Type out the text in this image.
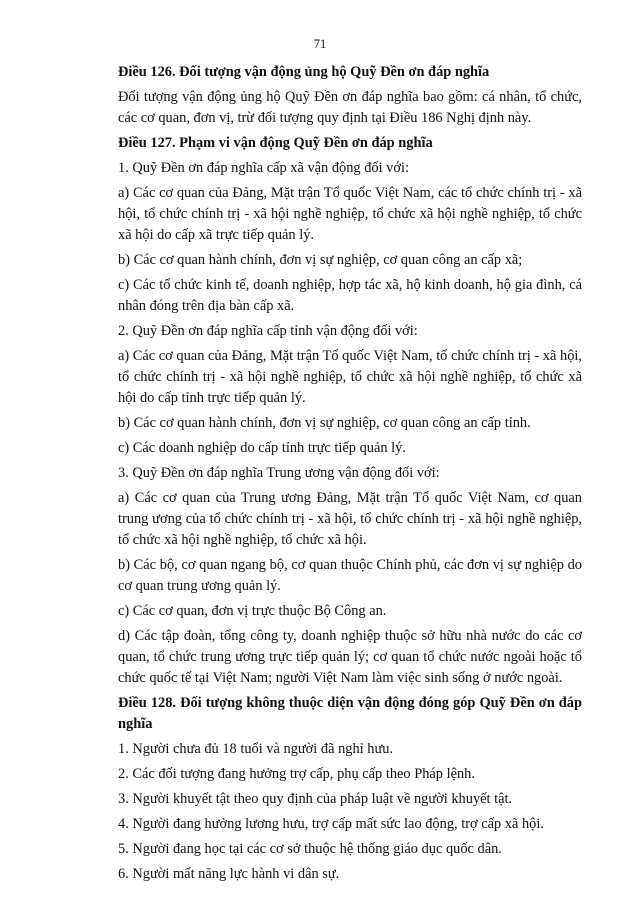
71

Điều 126. Đối tượng vận động ủng hộ Quỹ Đền ơn đáp nghĩa

Đối tượng vận động ủng hộ Quỹ Đền ơn đáp nghĩa bao gồm: cá nhân, tổ chức, các cơ quan, đơn vị, trừ đối tượng quy định tại Điều 186 Nghị định này.

Điều 127. Phạm vi vận động Quỹ Đền ơn đáp nghĩa

1. Quỹ Đền ơn đáp nghĩa cấp xã vận động đối với:

a) Các cơ quan của Đảng, Mặt trận Tổ quốc Việt Nam, các tổ chức chính trị - xã hội, tổ chức chính trị - xã hội nghề nghiệp, tổ chức xã hội nghề nghiệp, tổ chức xã hội do cấp xã trực tiếp quản lý.

b) Các cơ quan hành chính, đơn vị sự nghiệp, cơ quan công an cấp xã;

c) Các tổ chức kinh tế, doanh nghiệp, hợp tác xã, hộ kinh doanh, hộ gia đình, cá nhân đóng trên địa bàn cấp xã.

2. Quỹ Đền ơn đáp nghĩa cấp tỉnh vận động đối với:

a) Các cơ quan của Đảng, Mặt trận Tổ quốc Việt Nam, tổ chức chính trị - xã hội, tổ chức chính trị - xã hội nghề nghiệp, tổ chức xã hội nghề nghiệp, tổ chức xã hội do cấp tỉnh trực tiếp quản lý.

b) Các cơ quan hành chính, đơn vị sự nghiệp, cơ quan công an cấp tỉnh.

c) Các doanh nghiệp do cấp tỉnh trực tiếp quản lý.

3. Quỹ Đền ơn đáp nghĩa Trung ương vận động đối với:

a) Các cơ quan của Trung ương Đảng, Mặt trận Tổ quốc Việt Nam, cơ quan trung ương của tổ chức chính trị - xã hội, tổ chức chính trị - xã hội nghề nghiệp, tổ chức xã hội nghề nghiệp, tổ chức xã hội.

b) Các bộ, cơ quan ngang bộ, cơ quan thuộc Chính phủ, các đơn vị sự nghiệp do cơ quan trung ương quản lý.

c) Các cơ quan, đơn vị trực thuộc Bộ Công an.

d) Các tập đoàn, tổng công ty, doanh nghiệp thuộc sở hữu nhà nước do các cơ quan, tổ chức trung ương trực tiếp quản lý; cơ quan tổ chức nước ngoài hoặc tổ chức quốc tế tại Việt Nam; người Việt Nam làm việc sinh sống ở nước ngoài.

Điều 128. Đối tượng không thuộc diện vận động đóng góp Quỹ Đền ơn đáp nghĩa

1. Người chưa đủ 18 tuổi và người đã nghỉ hưu.

2. Các đối tượng đang hưởng trợ cấp, phụ cấp theo Pháp lệnh.

3. Người khuyết tật theo quy định của pháp luật về người khuyết tật.

4. Người đang hưởng lương hưu, trợ cấp mất sức lao động, trợ cấp xã hội.

5. Người đang học tại các cơ sở thuộc hệ thống giáo dục quốc dân.

6. Người mất năng lực hành vi dân sự.
